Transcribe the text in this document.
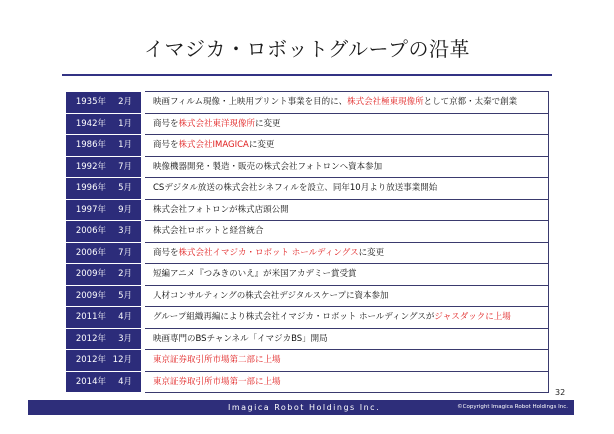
イマジカ・ロボットグループの沿革
1935年 2月	映画フィルム現像・上映用プリント事業を目的に、株式会社極東現像所として京都・太秦で創業
1942年 1月	商号を株式会社東洋現像所に変更
1986年 1月	商号を株式会社IMAGICAに変更
1992年 7月	映像機器開発・製造・販売の株式会社フォトロンへ資本参加
1996年 5月	CSデジタル放送の株式会社シネフィルを設立、同年10月より放送事業開始
1997年 9月	株式会社フォトロンが株式店頭公開
2006年 3月	株式会社ロボットと経営統合
2006年 7月	商号を株式会社イマジカ・ロボット ホールディングスに変更
2009年 2月	短編アニメ『つみきのいえ』が米国アカデミー賞受賞
2009年 5月	人材コンサルティングの株式会社デジタルスケープに資本参加
2011年 4月	グループ組織再編により株式会社イマジカ・ロボット ホールディングスがジャスダックに上場
2012年 3月	映画専門のBSチャンネル「イマジカBS」開局
2012年 12月	東京証券取引所市場第二部に上場
2014年 4月	東京証券取引所市場第一部に上場
32
Imagica Robot Holdings Inc.	©Copyright Imagica Robot Holdings Inc.
